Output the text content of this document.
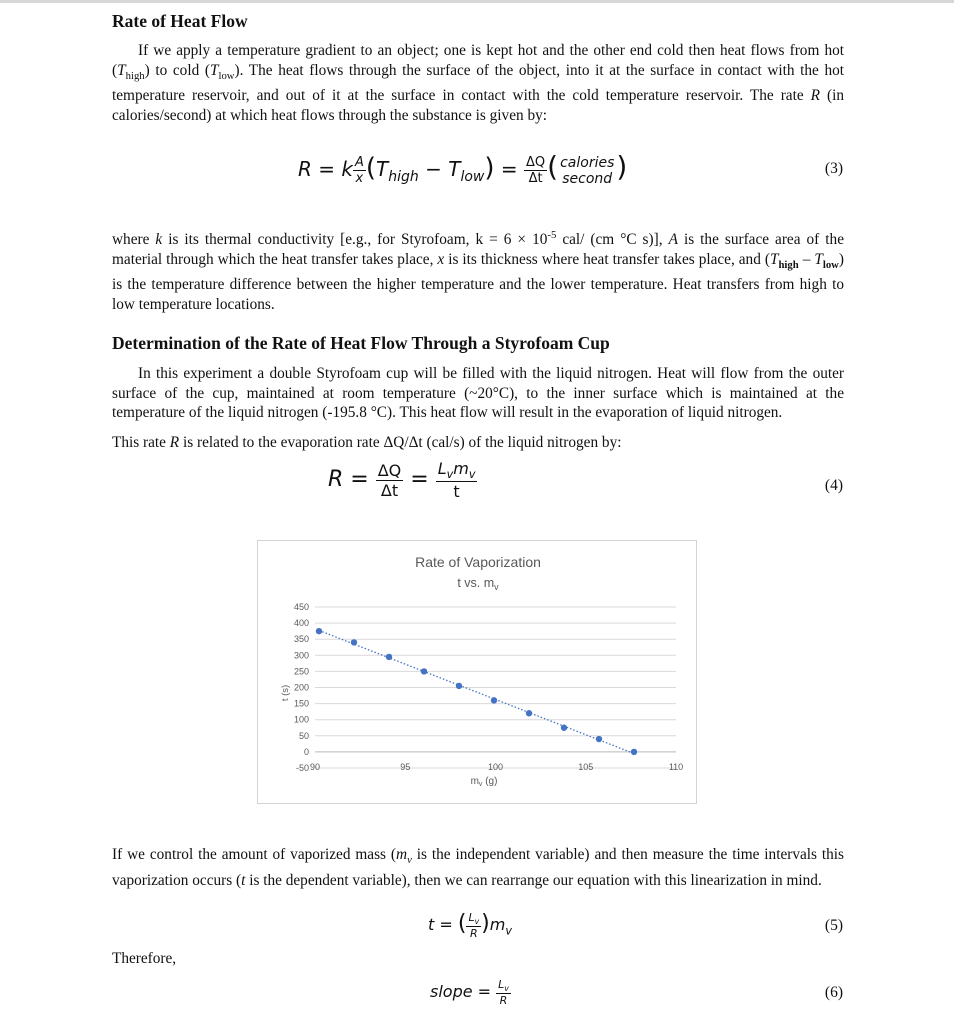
Rate of Heat Flow
If we apply a temperature gradient to an object; one is kept hot and the other end cold then heat flows from hot $(T_{high})$ to cold $(T_{low})$. The heat flows through the surface of the object, into it at the surface in contact with the hot temperature reservoir, and out of it at the surface in contact with the cold temperature reservoir. The rate R (in calories/second) at which heat flows through the substance is given by:
R = k $\frac{A}{x} (T_{high} - T_{low}) = \frac{\Delta Q}{\Delta t}$ ( calories
second )	(3)
where k is its thermal conductivity [e.g., for Styrofoam, $k = 6 \times 10^{-5}$ cal/ (cm °C s)], A is the surface area of the material through which the heat transfer takes place, x is its thickness where heat transfer takes place, and $(T_{high} - T_{low})$ is the temperature difference between the higher temperature and the lower temperature. Heat transfers from high to low temperature locations.
Determination of the Rate of Heat Flow Through a Styrofoam Cup
In this experiment a double Styrofoam cup will be filled with the liquid nitrogen. Heat will flow from the outer surface of the cup, maintained at room temperature (~20°C), to the inner surface which is maintained at the temperature of the liquid nitrogen (-195.8 °C). This heat flow will result in the evaporation of liquid nitrogen.
This rate R is related to the evaporation rate ΔQ/Δt (cal/s) of the liquid nitrogen by:
$R = \frac{\Delta Q}{\Delta t} = \frac{L_vm_v}{t}$	(4)
Rate of Vaporization
t vs. $m_v$
-50
0
50
100
150
200
250
300
350
400
450
90	95	100	105	110
$m_v$ (g)
t (s)
If we control the amount of vaporized mass ($m_v$ is the independent variable) and then measure the time intervals this vaporization occurs (t is the dependent variable), then we can rearrange our equation with this linearization in mind.
t = ( $\frac{L_v}{R} )m_v$	(5)
Therefore,
slope = $\frac{L_v}{R}$	(6)
